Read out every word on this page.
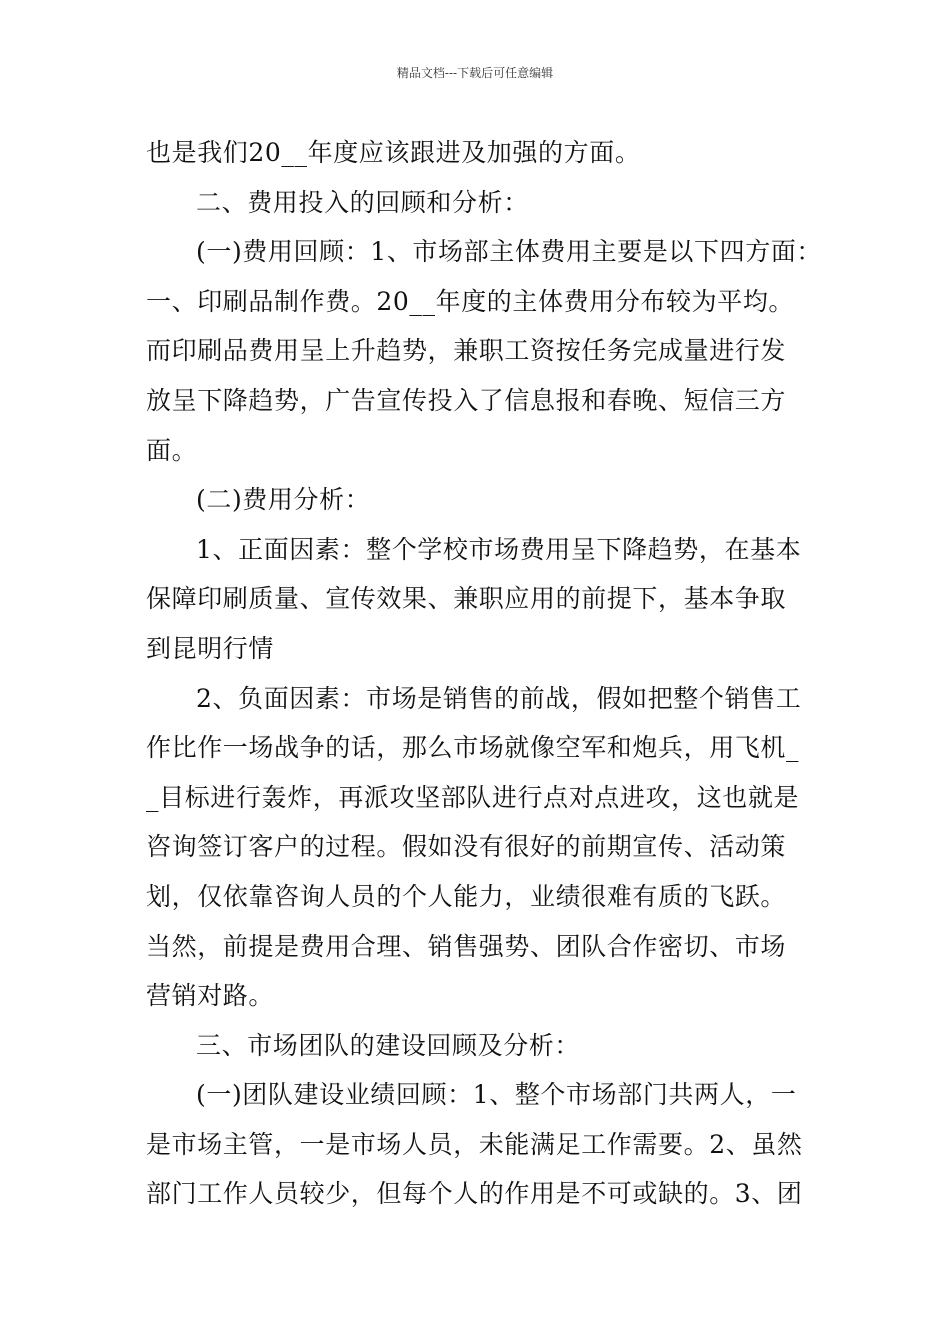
精品文档---下载后可任意编辑
也是我们20__年度应该跟进及加强的方面。
二、费用投入的回顾和分析：
(一)费用回顾：1、市场部主体费用主要是以下四方面：
一、印刷品制作费。20__年度的主体费用分布较为平均。
而印刷品费用呈上升趋势，兼职工资按任务完成量进行发
放呈下降趋势，广告宣传投入了信息报和春晚、短信三方
面。
(二)费用分析：
1、正面因素：整个学校市场费用呈下降趋势，在基本
保障印刷质量、宣传效果、兼职应用的前提下，基本争取
到昆明行情
2、负面因素：市场是销售的前战，假如把整个销售工
作比作一场战争的话，那么市场就像空军和炮兵，用飞机_
_目标进行轰炸，再派攻坚部队进行点对点进攻，这也就是
咨询签订客户的过程。假如没有很好的前期宣传、活动策
划，仅依靠咨询人员的个人能力，业绩很难有质的飞跃。
当然，前提是费用合理、销售强势、团队合作密切、市场
营销对路。
三、市场团队的建设回顾及分析：
(一)团队建设业绩回顾：1、整个市场部门共两人，一
是市场主管，一是市场人员，未能满足工作需要。2、虽然
部门工作人员较少，但每个人的作用是不可或缺的。3、团
